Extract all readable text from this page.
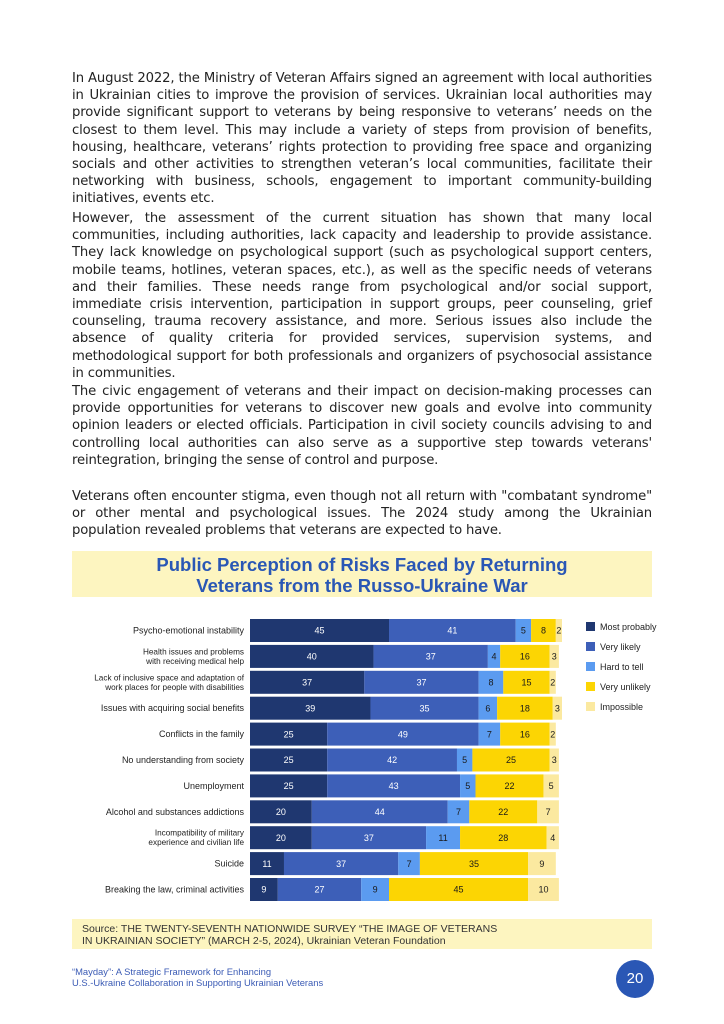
In August 2022, the Ministry of Veteran Affairs signed an agreement with local authorities in Ukrainian cities to improve the provision of services. Ukrainian local authorities may provide significant support to veterans by being responsive to veterans’ needs on the closest to them level. This may include a variety of steps from provision of benefits, housing, healthcare, veterans’ rights protection to providing free space and organizing socials and other activities to strengthen veteran’s local communities, facilitate their networking with business, schools, engagement to important community-building initiatives, events etc.

However, the assessment of the current situation has shown that many local communities, including authorities, lack capacity and leadership to provide assistance. They lack knowledge on psychological support (such as psychological support centers, mobile teams, hotlines, veteran spaces, etc.), as well as the specific needs of veterans and their families. These needs range from psychological and/or social support, immediate crisis intervention, participation in support groups, peer counseling, grief counseling, trauma recovery assistance, and more. Serious issues also include the absence of quality criteria for provided services, supervision systems, and methodological support for both professionals and organizers of psychosocial assistance in communities.

The civic engagement of veterans and their impact on decision-making processes can provide opportunities for veterans to discover new goals and evolve into community opinion leaders or elected officials. Participation in civil society councils advising to and controlling local authorities can also serve as a supportive step towards veterans' reintegration, bringing the sense of control and purpose.

Veterans often encounter stigma, even though not all return with "combatant syndrome" or other mental and psychological issues. The 2024 study among the Ukrainian population revealed problems that veterans are expected to have.

Public Perception of Risks Faced by Returning
Veterans from the Russo-Ukraine War
Psycho-emotional instability	45	41	5 8 2
Health issues and problems with receiving medical help	40	37	4	16 3
Lack of inclusive space and adaptation of work places for people with disabilities	37	37	8	15 2
Issues with acquiring social benefits	39	35	6	18	3
Conflicts in the family	25	49	7	16 2
No understanding from society	25	42	5	25	3
Unemployment	25	43	5	22	5
Alcohol and substances addictions	20	44	7	22	7
Incompatibility of military experience and civilian life	20	37	11	28	4
Suicide 11	37	7	35	9
Breaking the law, criminal activities 9	27	9	45	10
Most probably
Very likely
Hard to tell
Very unlikely
Impossible
Source: THE TWENTY-SEVENTH NATIONWIDE SURVEY “THE IMAGE OF VETERANS
IN UKRAINIAN SOCIETY” (MARCH 2-5, 2024), Ukrainian Veteran Foundation
“Mayday”: A Strategic Framework for Enhancing
U.S.-Ukraine Collaboration in Supporting Ukrainian Veterans	20
